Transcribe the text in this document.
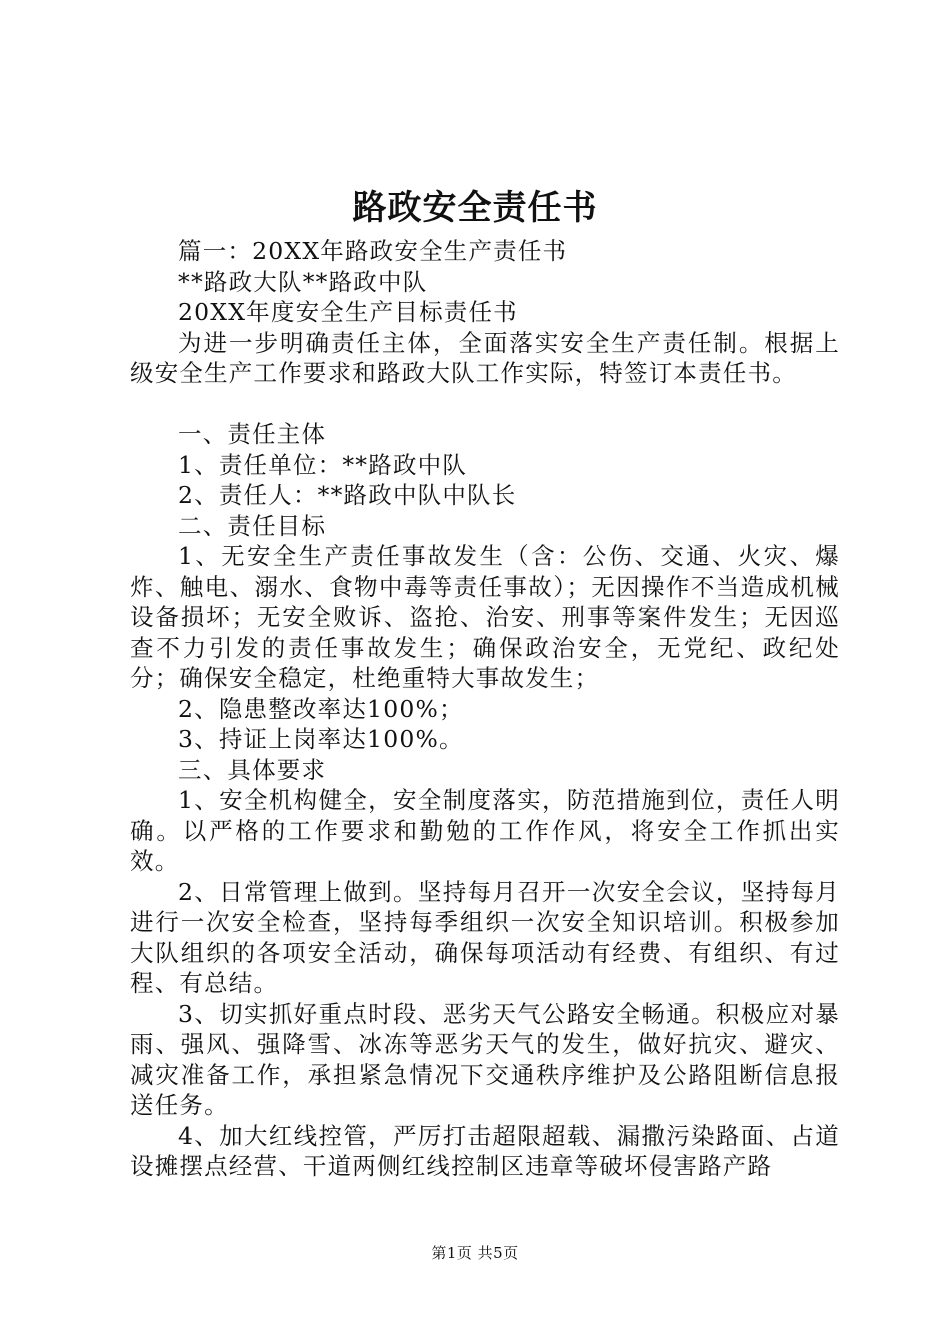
路政安全责任书

篇一：20XX年路政安全生产责任书

**路政大队**路政中队

20XX年度安全生产目标责任书

为进一步明确责任主体，全面落实安全生产责任制。根据上级安全生产工作要求和路政大队工作实际，特签订本责任书。

一、责任主体

1、责任单位：**路政中队

2、责任人：**路政中队中队长

二、责任目标

1、无安全生产责任事故发生（含：公伤、交通、火灾、爆炸、触电、溺水、食物中毒等责任事故）；无因操作不当造成机械设备损坏；无安全败诉、盗抢、治安、刑事等案件发生；无因巡查不力引发的责任事故发生；确保政治安全，无党纪、政纪处分；确保安全稳定，杜绝重特大事故发生；

2、隐患整改率达100%；

3、持证上岗率达100%。

三、具体要求

1、安全机构健全，安全制度落实，防范措施到位，责任人明确。以严格的工作要求和勤勉的工作作风，将安全工作抓出实效。

2、日常管理上做到。坚持每月召开一次安全会议，坚持每月进行一次安全检查，坚持每季组织一次安全知识培训。积极参加大队组织的各项安全活动，确保每项活动有经费、有组织、有过程、有总结。

3、切实抓好重点时段、恶劣天气公路安全畅通。积极应对暴雨、强风、强降雪、冰冻等恶劣天气的发生，做好抗灾、避灾、减灾准备工作，承担紧急情况下交通秩序维护及公路阻断信息报送任务。

4、加大红线控管，严厉打击超限超载、漏撒污染路面、占道设摊摆点经营、干道两侧红线控制区违章等破坏侵害路产路

第1页 共5页
